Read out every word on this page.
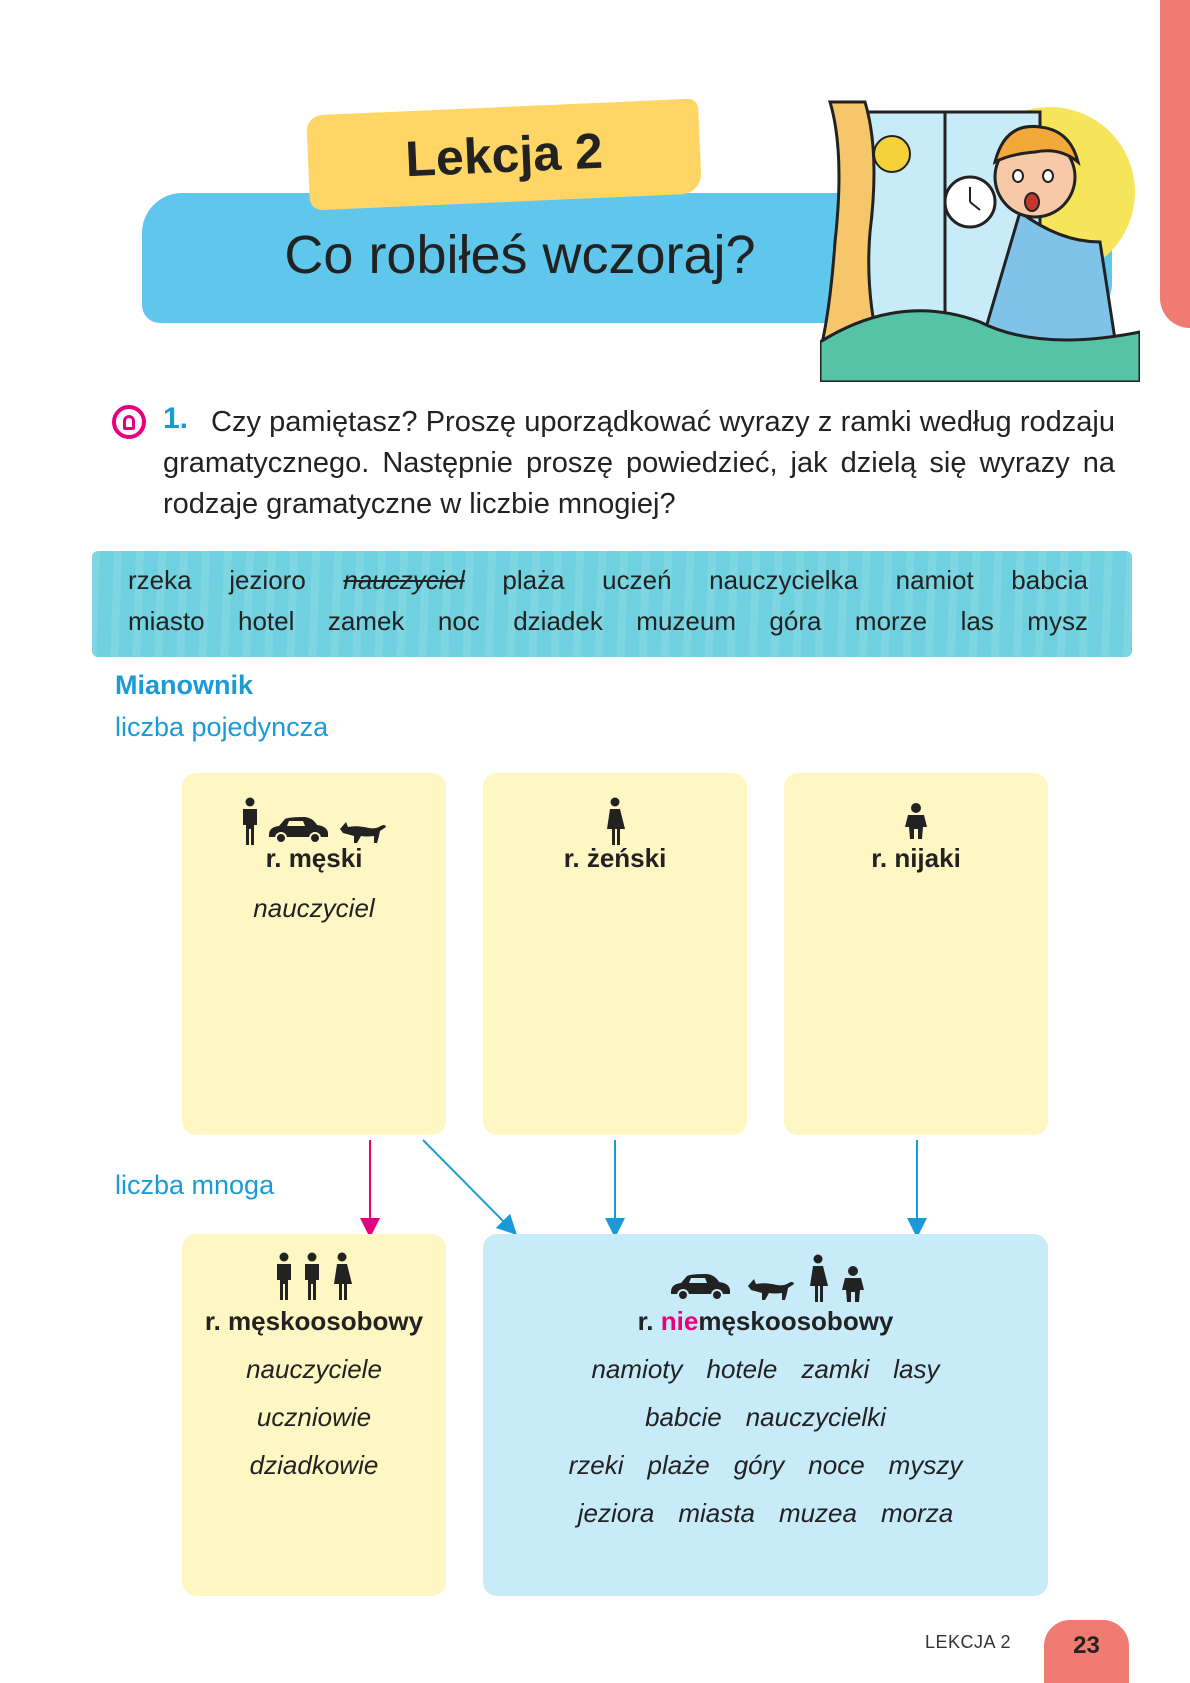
Lekcja 2
Co robiłeś wczoraj?
1. Czy pamiętasz? Proszę uporządkować wyrazy z ramki według rodzaju gramatycznego. Następnie proszę powiedzieć, jak dzielą się wyrazy na rodzaje gramatyczne w liczbie mnogiej?
rzeka jezioro nauczyciel plaża uczeń nauczycielka namiot babcia
miasto hotel zamek noc dziadek muzeum góra morze las mysz
Mianownik
liczba pojedyncza
liczba mnoga
r. męski
nauczyciel
r. żeński	r. nijaki
r. męskoosobowy
nauczyciele
uczniowie
dziadkowie
r. niemęskoosobowy
namioty hotele zamki lasy
babcie nauczycielki
rzeki plaże góry noce myszy
jeziora miasta muzea morza
LEKCJA 2	23
